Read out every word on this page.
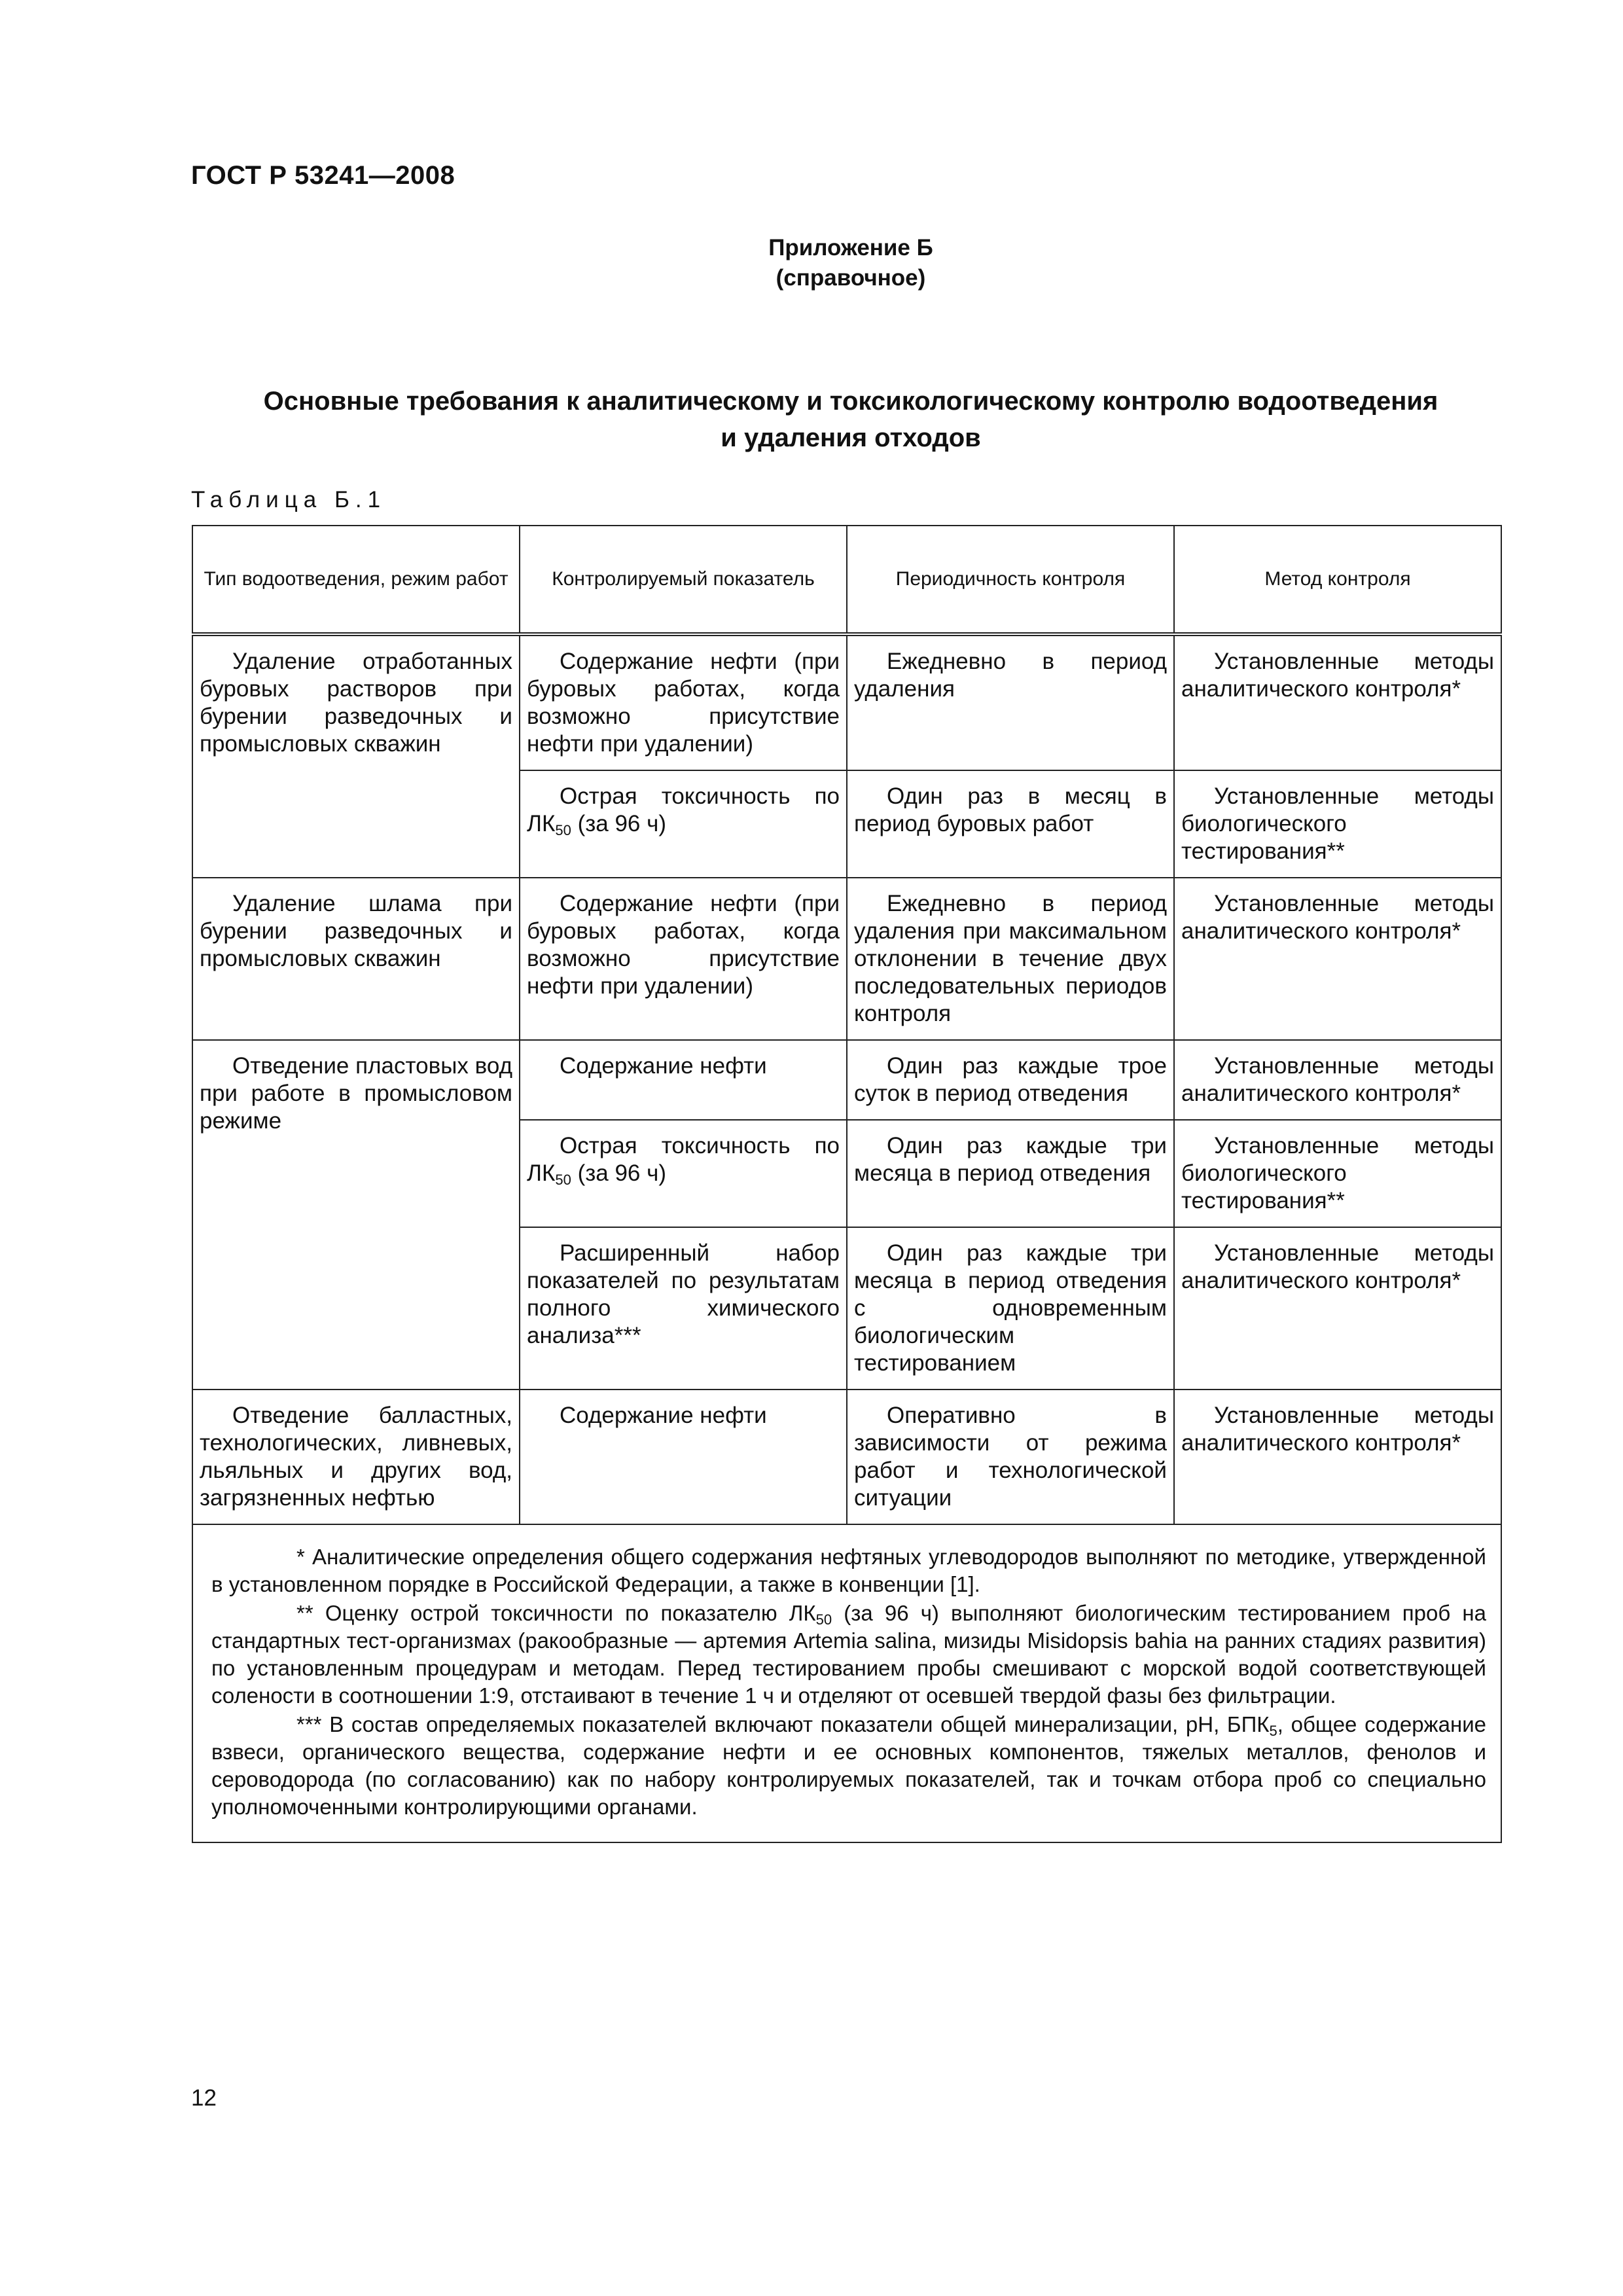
ГОСТ Р 53241—2008
Приложение Б
(справочное)
Основные требования к аналитическому и токсикологическому контролю водоотведения
и удаления отходов
Таблица Б.1
Тип водоотведения, режим работ	Контролируемый показатель	Периодичность контроля	Метод контроля
Удаление отработанных буровых растворов при бурении разведочных и промысловых скважин	Содержание нефти (при буровых работах, когда возможно присутствие нефти при удалении)	Ежедневно в период удаления	Установленные методы аналитического контроля*
	Острая токсичность по $ЛК_{50}$ (за 96 ч)	Один раз в месяц в период буровых работ	Установленные методы биологического тестирования**
Удаление шлама при бурении разведочных и промысловых скважин	Содержание нефти (при буровых работах, когда возможно присутствие нефти при удалении)	Ежедневно в период удаления при максимальном отклонении в течение двух последовательных периодов контроля	Установленные методы аналитического контроля*
Отведение пластовых вод при работе в промысловом режиме	Содержание нефти	Один раз каждые трое суток в период отведения	Установленные методы аналитического контроля*
	Острая токсичность по $ЛК_{50}$ (за 96 ч)	Один раз каждые три месяца в период отведения	Установленные методы биологического тестирования**
	Расширенный набор показателей по результатам полного химического анализа***	Один раз каждые три месяца в период отведения с одновременным биологическим тестированием	Установленные методы аналитического контроля*
Отведение балластных, технологических, ливневых, льяльных и других вод, загрязненных нефтью	Содержание нефти	Оперативно в зависимости от режима работ и технологической ситуации	Установленные методы аналитического контроля*

* Аналитические определения общего содержания нефтяных углеводородов выполняют по методике, утвержденной в установленном порядке в Российской Федерации, а также в конвенции [1].

** Оценку острой токсичности по показателю $ЛК_{50}$ (за 96 ч) выполняют биологическим тестированием проб на стандартных тест-организмах (ракообразные — артемия Artemia salina, мизиды Misidopsis bahia на ранних стадиях развития) по установленным процедурам и методам. Перед тестированием пробы смешивают с морской водой соответствующей солености в соотношении 1:9, отстаивают в течение 1 ч и отделяют от осевшей твердой фазы без фильтрации.

*** В состав определяемых показателей включают показатели общей минерализации, pH, $БПК_5$, общее содержание взвеси, органического вещества, содержание нефти и ее основных компонентов, тяжелых металлов, фенолов и сероводорода (по согласованию) как по набору контролируемых показателей, так и точкам отбора проб со специально уполномоченными контролирующими органами.			

12
